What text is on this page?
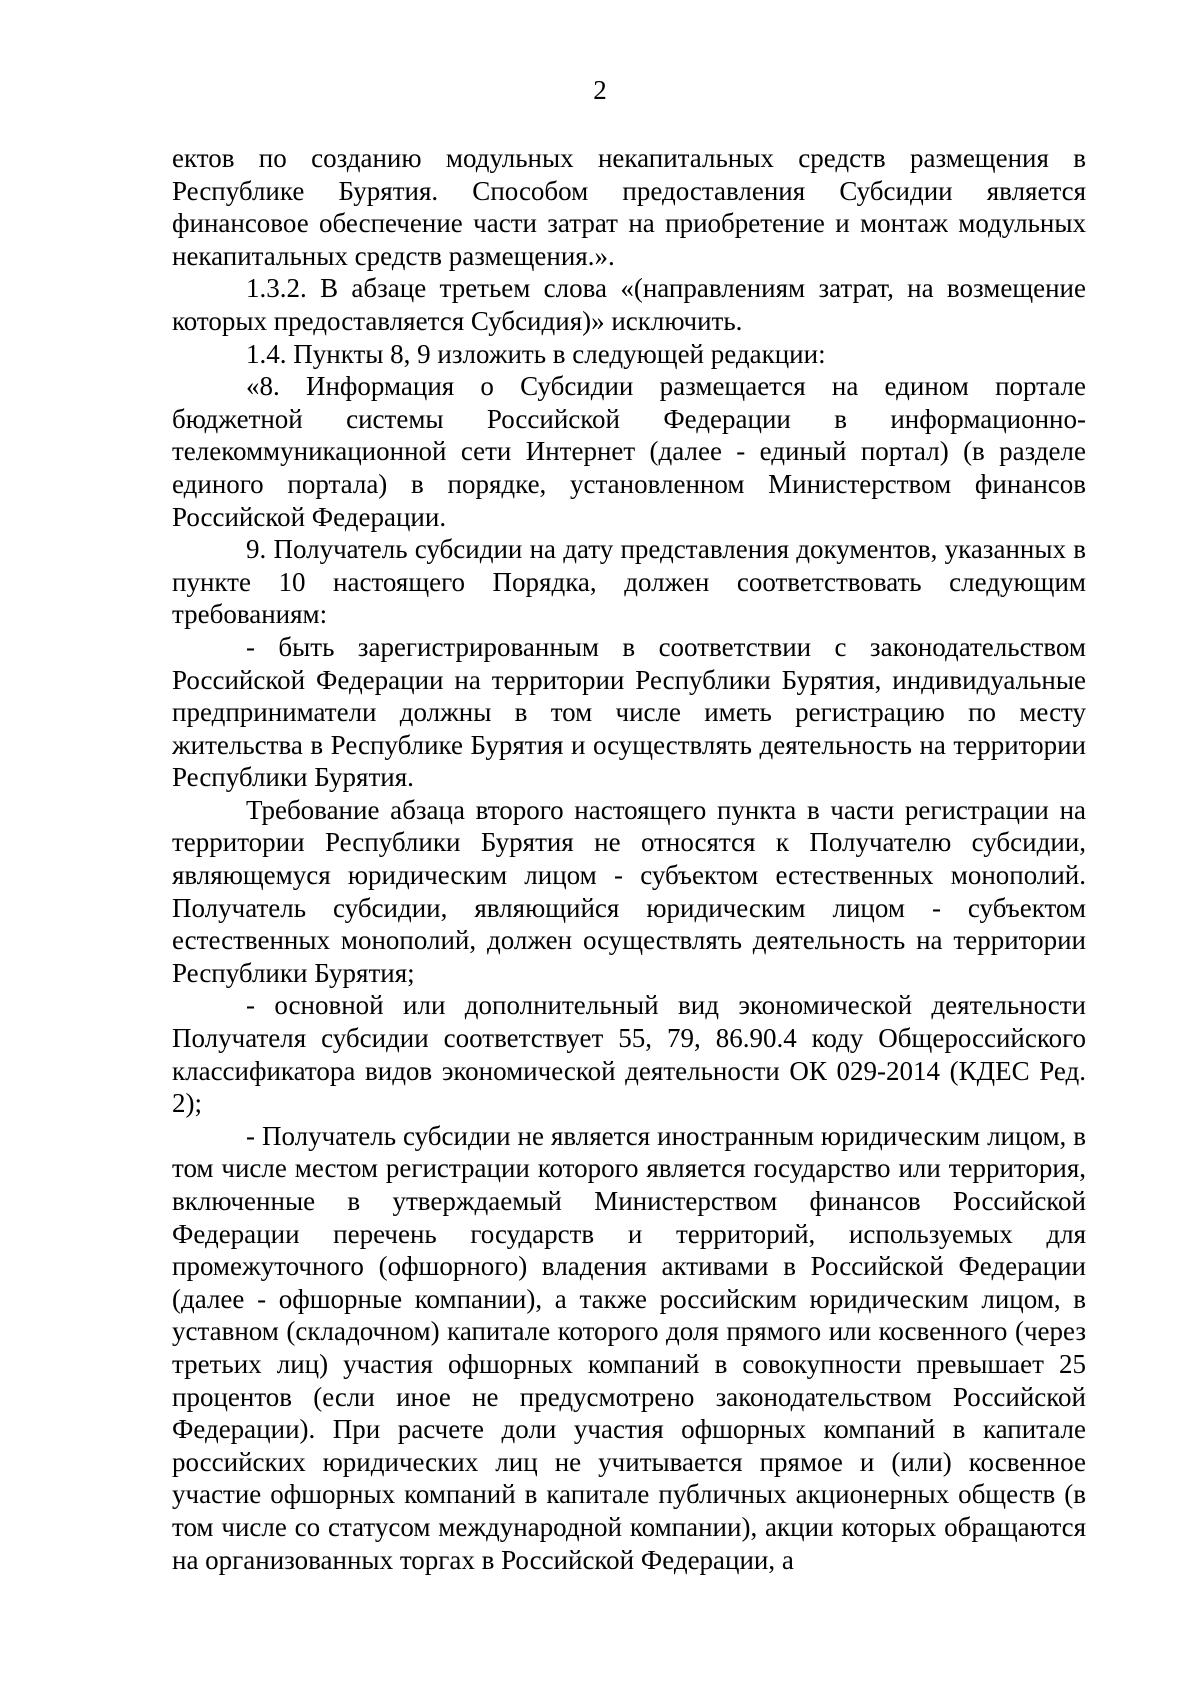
2

ектов по созданию модульных некапитальных средств размещения в Республике Бурятия. Способом предоставления Субсидии является финансовое обеспечение части затрат на приобретение и монтаж модульных некапитальных средств размещения.».

1.3.2. В абзаце третьем слова «(направлениям затрат, на возмещение которых предоставляется Субсидия)» исключить.

1.4. Пункты 8, 9 изложить в следующей редакции:

«8. Информация о Субсидии размещается на едином портале бюджетной системы Российской Федерации в информационно-телекоммуникационной сети Интернет (далее - единый портал) (в разделе единого портала) в порядке, установленном Министерством финансов Российской Федерации.

9. Получатель субсидии на дату представления документов, указанных в пункте 10 настоящего Порядка, должен соответствовать следующим требованиям:

- быть зарегистрированным в соответствии с законодательством Российской Федерации на территории Республики Бурятия, индивидуальные предприниматели должны в том числе иметь регистрацию по месту жительства в Республике Бурятия и осуществлять деятельность на территории Республики Бурятия.

Требование абзаца второго настоящего пункта в части регистрации на территории Республики Бурятия не относятся к Получателю субсидии, являющемуся юридическим лицом - субъектом естественных монополий. Получатель субсидии, являющийся юридическим лицом - субъектом естественных монополий, должен осуществлять деятельность на территории Республики Бурятия;

- основной или дополнительный вид экономической деятельности Получателя субсидии соответствует 55, 79, 86.90.4 коду Общероссийского классификатора видов экономической деятельности ОК 029-2014 (КДЕС Ред. 2);

- Получатель субсидии не является иностранным юридическим лицом, в том числе местом регистрации которого является государство или территория, включенные в утверждаемый Министерством финансов Российской Федерации перечень государств и территорий, используемых для промежуточного (офшорного) владения активами в Российской Федерации (далее - офшорные компании), а также российским юридическим лицом, в уставном (складочном) капитале которого доля прямого или косвенного (через третьих лиц) участия офшорных компаний в совокупности превышает 25 процентов (если иное не предусмотрено законодательством Российской Федерации). При расчете доли участия офшорных компаний в капитале российских юридических лиц не учитывается прямое и (или) косвенное участие офшорных компаний в капитале публичных акционерных обществ (в том числе со статусом международной компании), акции которых обращаются на организованных торгах в Российской Федерации, а
